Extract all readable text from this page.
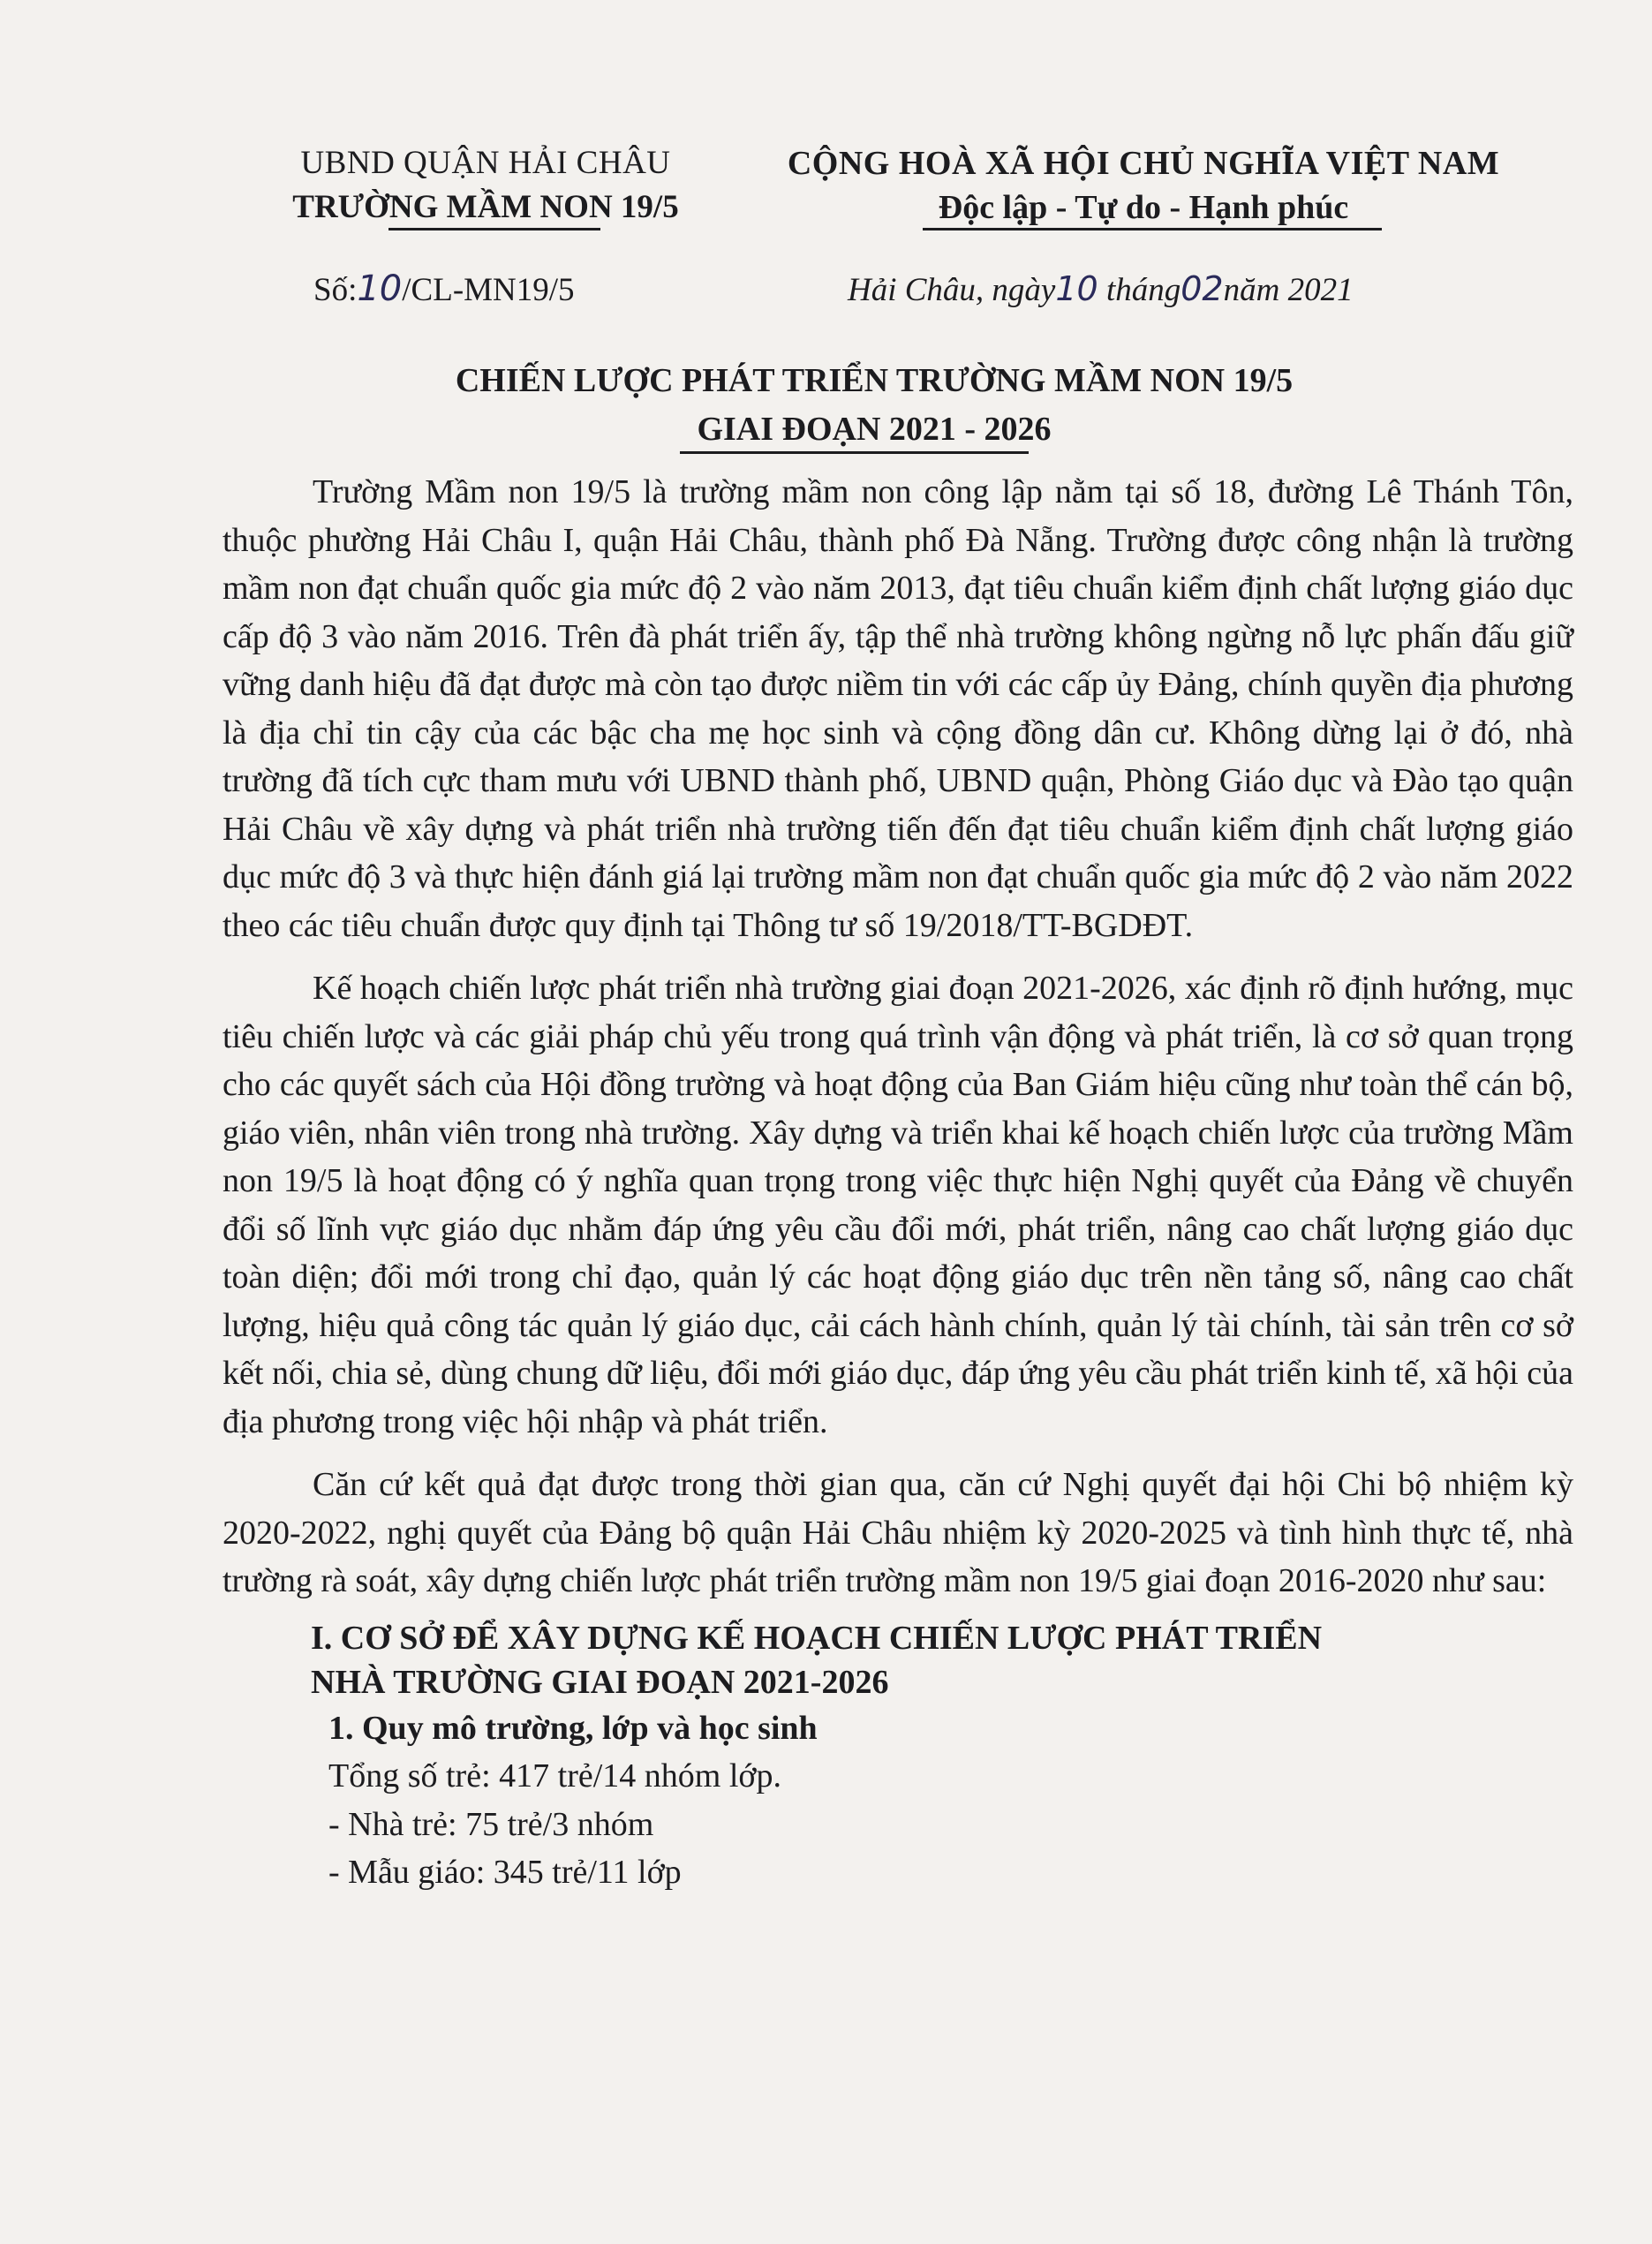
UBND QUẬN HẢI CHÂU
TRƯỜNG MẦM NON 19/5
CỘNG HOÀ XÃ HỘI CHỦ NGHĨA VIỆT NAM
Độc lập - Tự do - Hạnh phúc
Số:10/CL-MN19/5	Hải Châu, ngày10 tháng02năm 2021
CHIẾN LƯỢC PHÁT TRIỂN TRƯỜNG MẦM NON 19/5
GIAI ĐOẠN 2021 - 2026

Trường Mầm non 19/5 là trường mầm non công lập nằm tại số 18, đường Lê Thánh Tôn, thuộc phường Hải Châu I, quận Hải Châu, thành phố Đà Nẵng. Trường được công nhận là trường mầm non đạt chuẩn quốc gia mức độ 2 vào năm 2013, đạt tiêu chuẩn kiểm định chất lượng giáo dục cấp độ 3 vào năm 2016. Trên đà phát triển ấy, tập thể nhà trường không ngừng nỗ lực phấn đấu giữ vững danh hiệu đã đạt được mà còn tạo được niềm tin với các cấp ủy Đảng, chính quyền địa phương là địa chỉ tin cậy của các bậc cha mẹ học sinh và cộng đồng dân cư. Không dừng lại ở đó, nhà trường đã tích cực tham mưu với UBND thành phố, UBND quận, Phòng Giáo dục và Đào tạo quận Hải Châu về xây dựng và phát triển nhà trường tiến đến đạt tiêu chuẩn kiểm định chất lượng giáo dục mức độ 3 và thực hiện đánh giá lại trường mầm non đạt chuẩn quốc gia mức độ 2 vào năm 2022 theo các tiêu chuẩn được quy định tại Thông tư số 19/2018/TT-BGDĐT.

Kế hoạch chiến lược phát triển nhà trường giai đoạn 2021-2026, xác định rõ định hướng, mục tiêu chiến lược và các giải pháp chủ yếu trong quá trình vận động và phát triển, là cơ sở quan trọng cho các quyết sách của Hội đồng trường và hoạt động của Ban Giám hiệu cũng như toàn thể cán bộ, giáo viên, nhân viên trong nhà trường. Xây dựng và triển khai kế hoạch chiến lược của trường Mầm non 19/5 là hoạt động có ý nghĩa quan trọng trong việc thực hiện Nghị quyết của Đảng về chuyển đổi số lĩnh vực giáo dục nhằm đáp ứng yêu cầu đổi mới, phát triển, nâng cao chất lượng giáo dục toàn diện; đổi mới trong chỉ đạo, quản lý các hoạt động giáo dục trên nền tảng số, nâng cao chất lượng, hiệu quả công tác quản lý giáo dục, cải cách hành chính, quản lý tài chính, tài sản trên cơ sở kết nối, chia sẻ, dùng chung dữ liệu, đổi mới giáo dục, đáp ứng yêu cầu phát triển kinh tế, xã hội của địa phương trong việc hội nhập và phát triển.

Căn cứ kết quả đạt được trong thời gian qua, căn cứ Nghị quyết đại hội Chi bộ nhiệm kỳ 2020-2022, nghị quyết của Đảng bộ quận Hải Châu nhiệm kỳ 2020-2025 và tình hình thực tế, nhà trường rà soát, xây dựng chiến lược phát triển trường mầm non 19/5 giai đoạn 2016-2020 như sau:

I. CƠ SỞ ĐỂ XÂY DỰNG KẾ HOẠCH CHIẾN LƯỢC PHÁT TRIỂN
NHÀ TRƯỜNG GIAI ĐOẠN 2021-2026

1. Quy mô trường, lớp và học sinh

Tổng số trẻ: 417 trẻ/14 nhóm lớp.

- Nhà trẻ: 75 trẻ/3 nhóm

- Mẫu giáo: 345 trẻ/11 lớp
